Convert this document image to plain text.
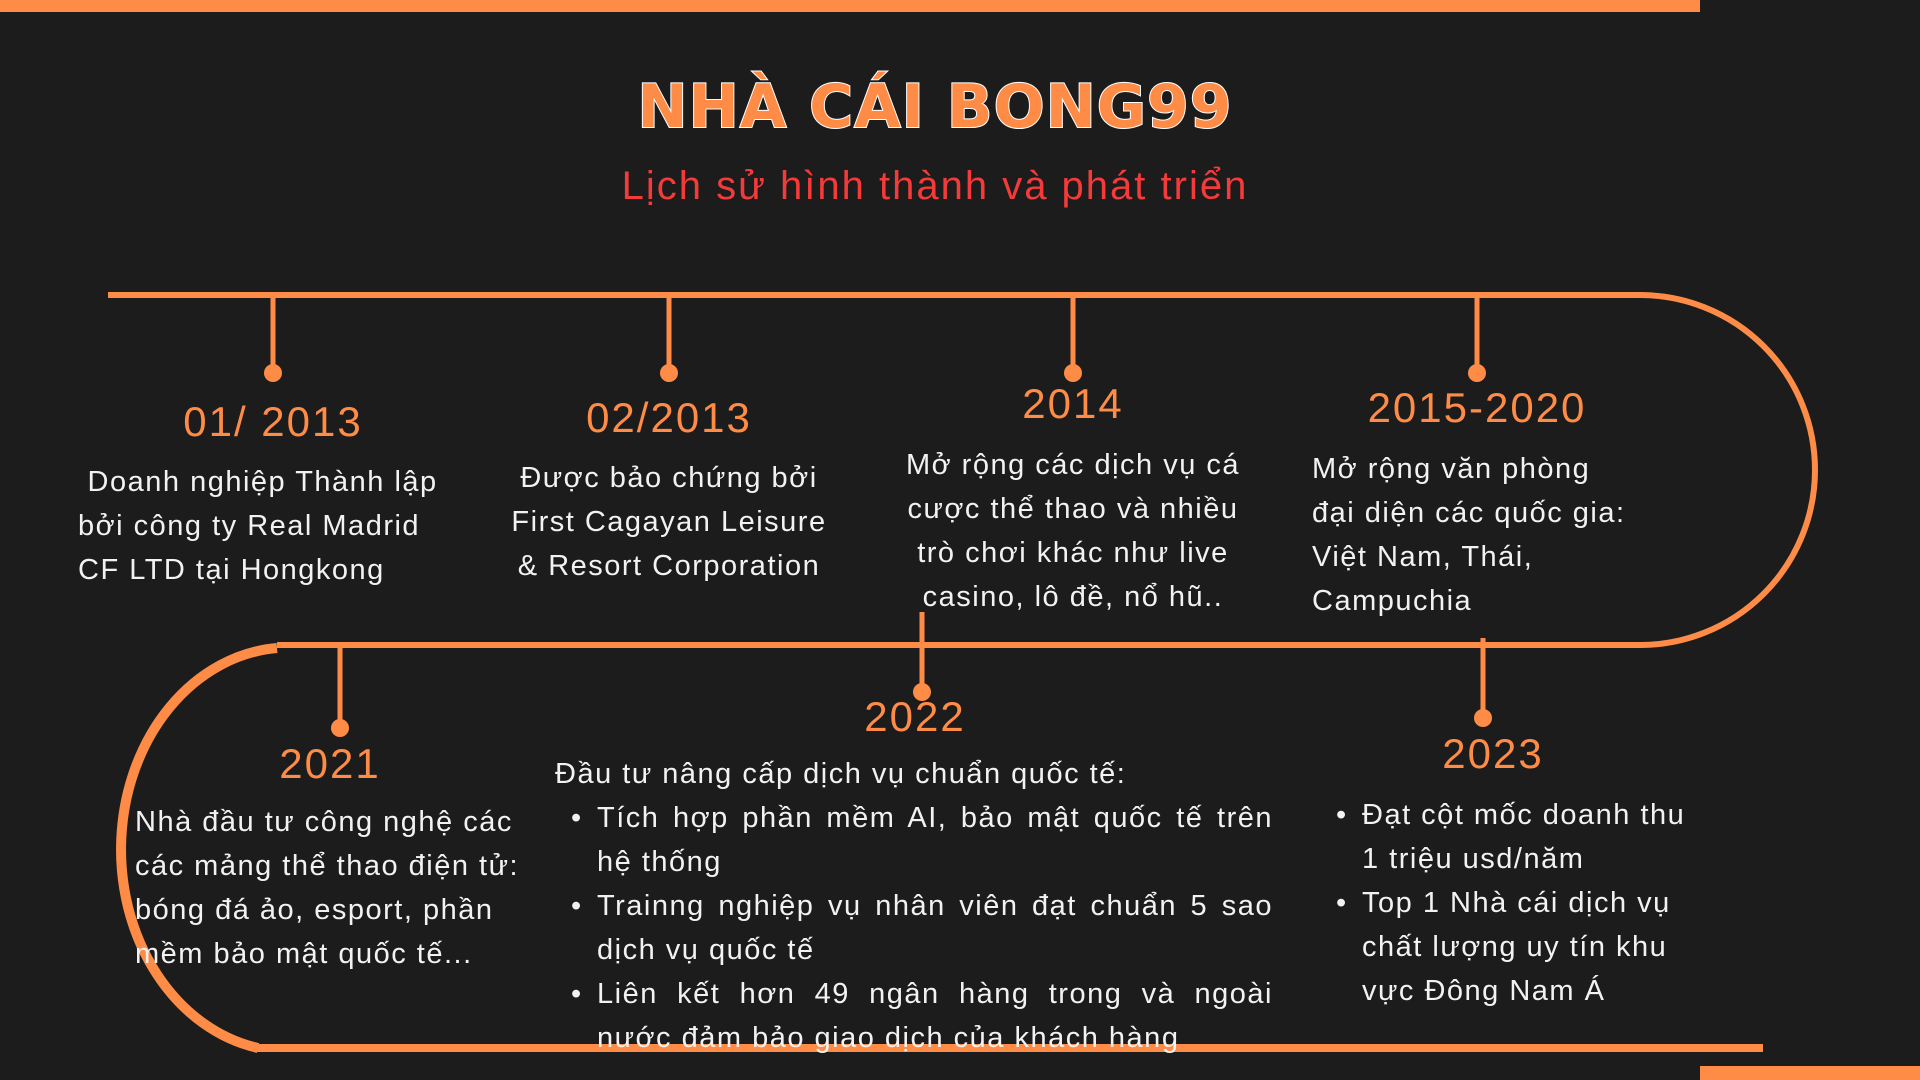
NHÀ CÁI BONG99
Lịch sử hình thành và phát triển
01/ 2013
Doanh nghiệp Thành lập
bởi công ty Real Madrid
CF LTD tại Hongkong
02/2013
Được bảo chứng bởi
First Cagayan Leisure
& Resort Corporation
2014
Mở rộng các dịch vụ cá
cược thể thao và nhiều
trò chơi khác như live
casino, lô đề, nổ hũ..
2015-2020
Mở rộng văn phòng
đại diện các quốc gia:
Việt Nam, Thái,
Campuchia
2021
Nhà đầu tư công nghệ các
các mảng thể thao điện tử:
bóng đá ảo, esport, phần
mềm bảo mật quốc tế...
2022
Đầu tư nâng cấp dịch vụ chuẩn quốc tế:
• Tích hợp phần mềm AI, bảo mật quốc tế trên hệ thống
• Trainng nghiệp vụ nhân viên đạt chuẩn 5 sao dịch vụ quốc tế
• Liên kết hơn 49 ngân hàng trong và ngoài nước đảm bảo giao dịch của khách hàng
2023
• Đạt cột mốc doanh thu 1 triệu usd/năm
• Top 1 Nhà cái dịch vụ chất lượng uy tín khu vực Đông Nam Á
